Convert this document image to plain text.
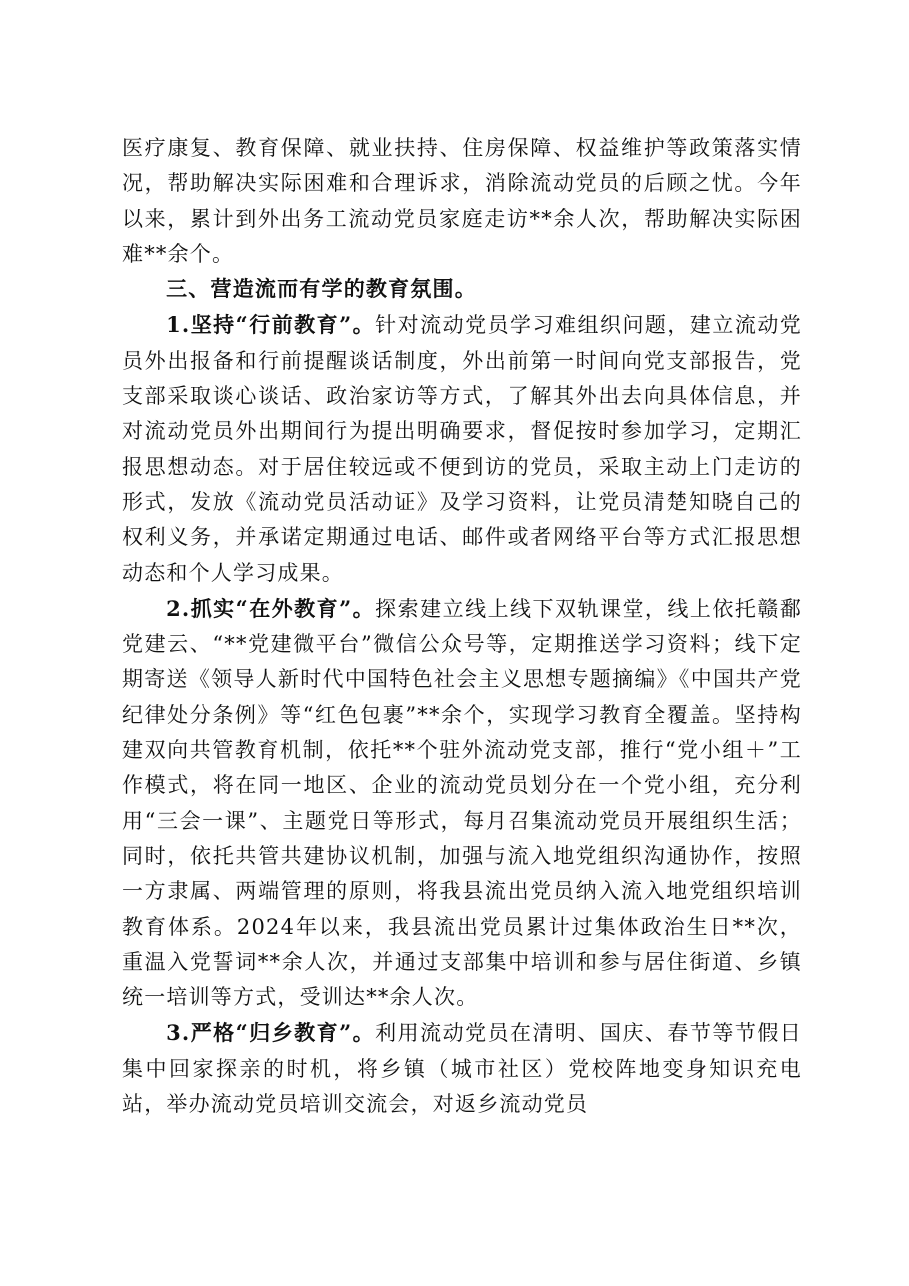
医疗康复、教育保障、就业扶持、住房保障、权益维护等政策落实情况，帮助解决实际困难和合理诉求，消除流动党员的后顾之忧。今年以来，累计到外出务工流动党员家庭走访**余人次，帮助解决实际困难**余个。

三、营造流而有学的教育氛围。

1.坚持“行前教育”。针对流动党员学习难组织问题，建立流动党员外出报备和行前提醒谈话制度，外出前第一时间向党支部报告，党支部采取谈心谈话、政治家访等方式，了解其外出去向具体信息，并对流动党员外出期间行为提出明确要求，督促按时参加学习，定期汇报思想动态。对于居住较远或不便到访的党员，采取主动上门走访的形式，发放《流动党员活动证》及学习资料，让党员清楚知晓自己的权利义务，并承诺定期通过电话、邮件或者网络平台等方式汇报思想动态和个人学习成果。

2.抓实“在外教育”。探索建立线上线下双轨课堂，线上依托赣鄱党建云、“**党建微平台”微信公众号等，定期推送学习资料；线下定期寄送《领导人新时代中国特色社会主义思想专题摘编》《中国共产党纪律处分条例》等“红色包裹”**余个，实现学习教育全覆盖。坚持构建双向共管教育机制，依托**个驻外流动党支部，推行“党小组＋”工作模式，将在同一地区、企业的流动党员划分在一个党小组，充分利用“三会一课”、主题党日等形式，每月召集流动党员开展组织生活；同时，依托共管共建协议机制，加强与流入地党组织沟通协作，按照一方隶属、两端管理的原则，将我县流出党员纳入流入地党组织培训教育体系。2024年以来，我县流出党员累计过集体政治生日**次，重温入党誓词**余人次，并通过支部集中培训和参与居住街道、乡镇统一培训等方式，受训达**余人次。

3.严格“归乡教育”。利用流动党员在清明、国庆、春节等节假日集中回家探亲的时机，将乡镇（城市社区）党校阵地变身知识充电站，举办流动党员培训交流会，对返乡流动党员
